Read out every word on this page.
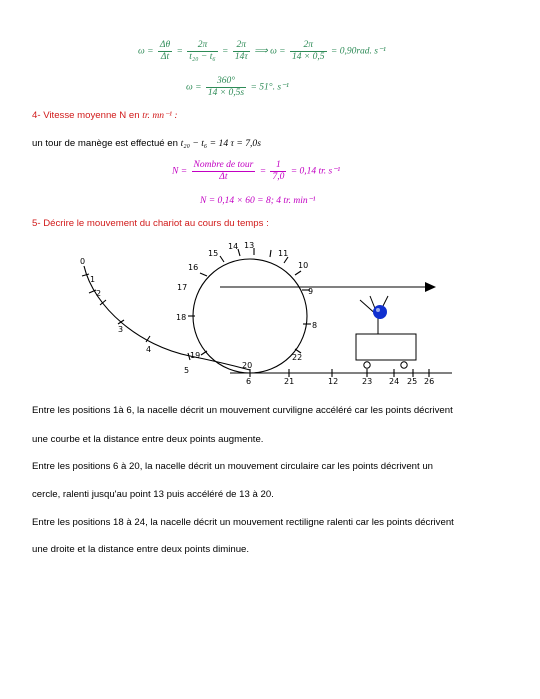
$\omega = \frac{\Delta\theta}{\Delta t} = \frac{2\pi}{\text{t₂₀ − t₆}} = \frac{2\pi}{14\tau}$ ⟹ $\omega = \frac{2\pi}{14 \times 0,5} = 0,90rad$. s⁻¹
$\omega = \frac{360^\circ}{14 \times 0,5s} = 51^\circ$. s⁻¹
4- Vitesse moyenne N en tr. mn⁻¹ :
un tour de manège est effectué en t₂₀ − t₆ = 14 τ = 7,0s
$N = \frac{\text{Nombre de tour}}{\Delta t} = \frac{1}{7,0} = 0,14$ tr. s⁻¹
N = 0,14 × 60 = 8; 4 tr. min⁻¹
5- Décrire le mouvement du chariot au cours du temps :
0
1
2
3
4
5
6
8
9
10
11
12
13
14
15
16
17
18
19
20
21
22
23 24 25 26
Entre les positions 1à 6, la nacelle décrit un mouvement curviligne accéléré car les points décrivent
une courbe et la distance entre deux points augmente.
Entre les positions 6 à 20, la nacelle décrit un mouvement circulaire car les points décrivent un
cercle, ralenti jusqu'au point 13 puis accéléré de 13 à 20.
Entre les positions 18 à 24, la nacelle décrit un mouvement rectiligne ralenti car les points décrivent
une droite et la distance entre deux points diminue.
